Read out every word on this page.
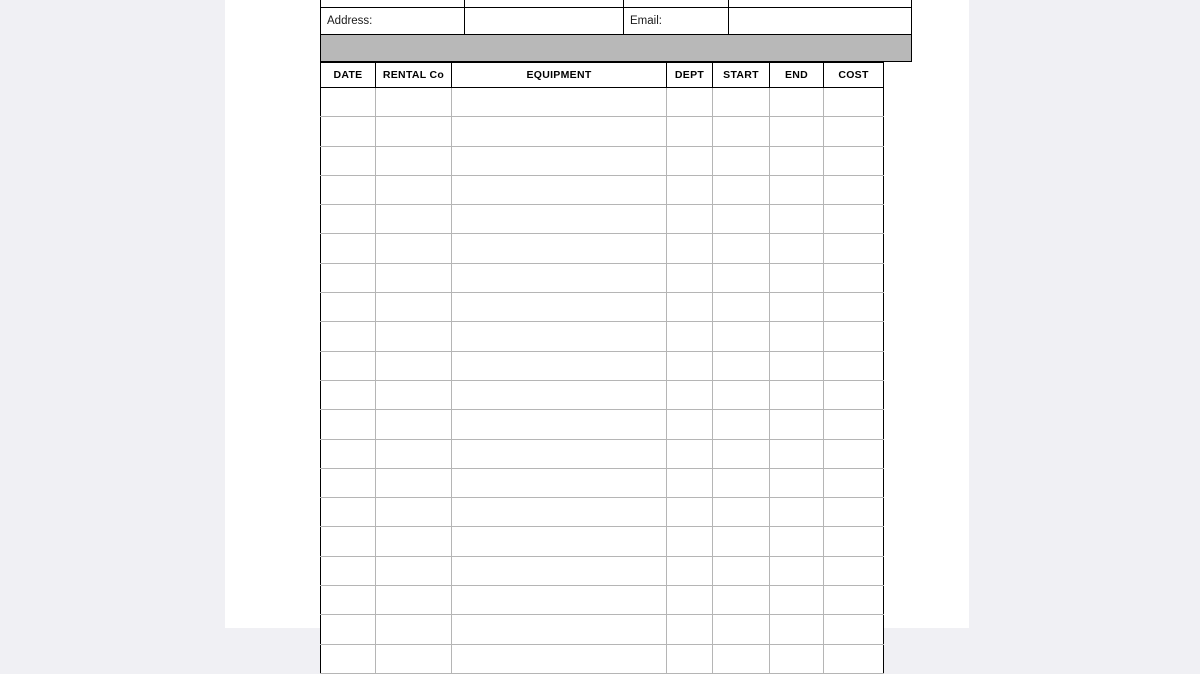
Address:		Email:	

DATE	RENTAL Co	EQUIPMENT	DEPT	START	END	COST
